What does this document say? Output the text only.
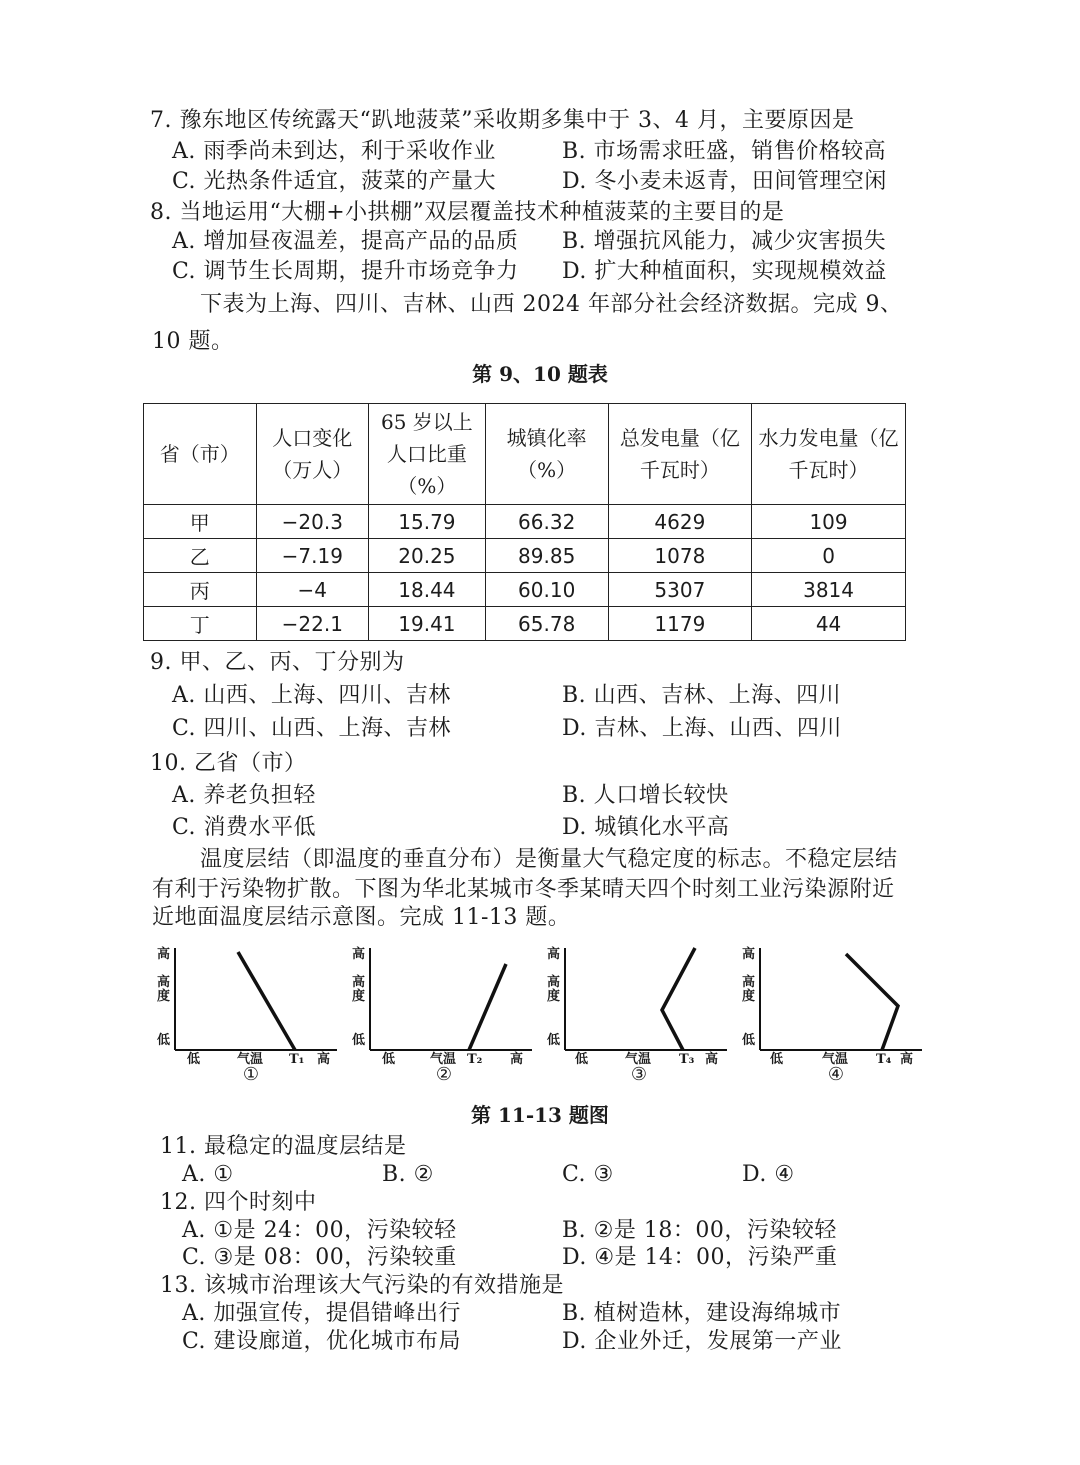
7. 豫东地区传统露天“趴地菠菜”采收期多集中于 3、4 月，主要原因是
A. 雨季尚未到达，利于采收作业	B. 市场需求旺盛，销售价格较高
C. 光热条件适宜，菠菜的产量大	D. 冬小麦未返青，田间管理空闲
8. 当地运用“大棚+小拱棚”双层覆盖技术种植菠菜的主要目的是
A. 增加昼夜温差，提高产品的品质 B. 增强抗风能力，减少灾害损失
C. 调节生长周期，提升市场竞争力 D. 扩大种植面积，实现规模效益
下表为上海、四川、吉林、山西 2024 年部分社会经济数据。完成 9、
10 题。
第 9、10 题表
省（市）	人口变化（万人）	65 岁以上人口比重（%）	城镇化率（%）	总发电量（亿千瓦时）	水力发电量（亿千瓦时）
甲	−20.3	15.79	66.32	4629	109
乙	−7.19	20.25	89.85	1078	0
丙	−4	18.44	60.10	5307	3814
丁	−22.1	19.41	65.78	1179	44
9. 甲、乙、丙、丁分别为
A. 山西、上海、四川、吉林	B. 山西、吉林、上海、四川
C. 四川、山西、上海、吉林	D. 吉林、上海、山西、四川
10. 乙省（市）
A. 养老负担轻	B. 人口增长较快
C. 消费水平低	D. 城镇化水平高
温度层结（即温度的垂直分布）是衡量大气稳定度的标志。不稳定层结
有利于污染物扩散。下图为华北某城市冬季某晴天四个时刻工业污染源附近
近地面温度层结示意图。完成 11-13 题。
高
高度
低
低	气温 T₁ 高
①
高
高度
低
低	气温 T₂ 高
②
高
高度
低
低	气温 T₃ 高
③
高
高度
低
低	气温 T₄ 高
④
第 11-13 题图
11. 最稳定的温度层结是
A. ①	B. ②	C. ③	D. ④
12. 四个时刻中
A. ①是 24：00，污染较轻	B. ②是 18：00，污染较轻
C. ③是 08：00，污染较重	D. ④是 14：00，污染严重
13. 该城市治理该大气污染的有效措施是
A. 加强宣传，提倡错峰出行	B. 植树造林，建设海绵城市
C. 建设廊道，优化城市布局	D. 企业外迁，发展第一产业
